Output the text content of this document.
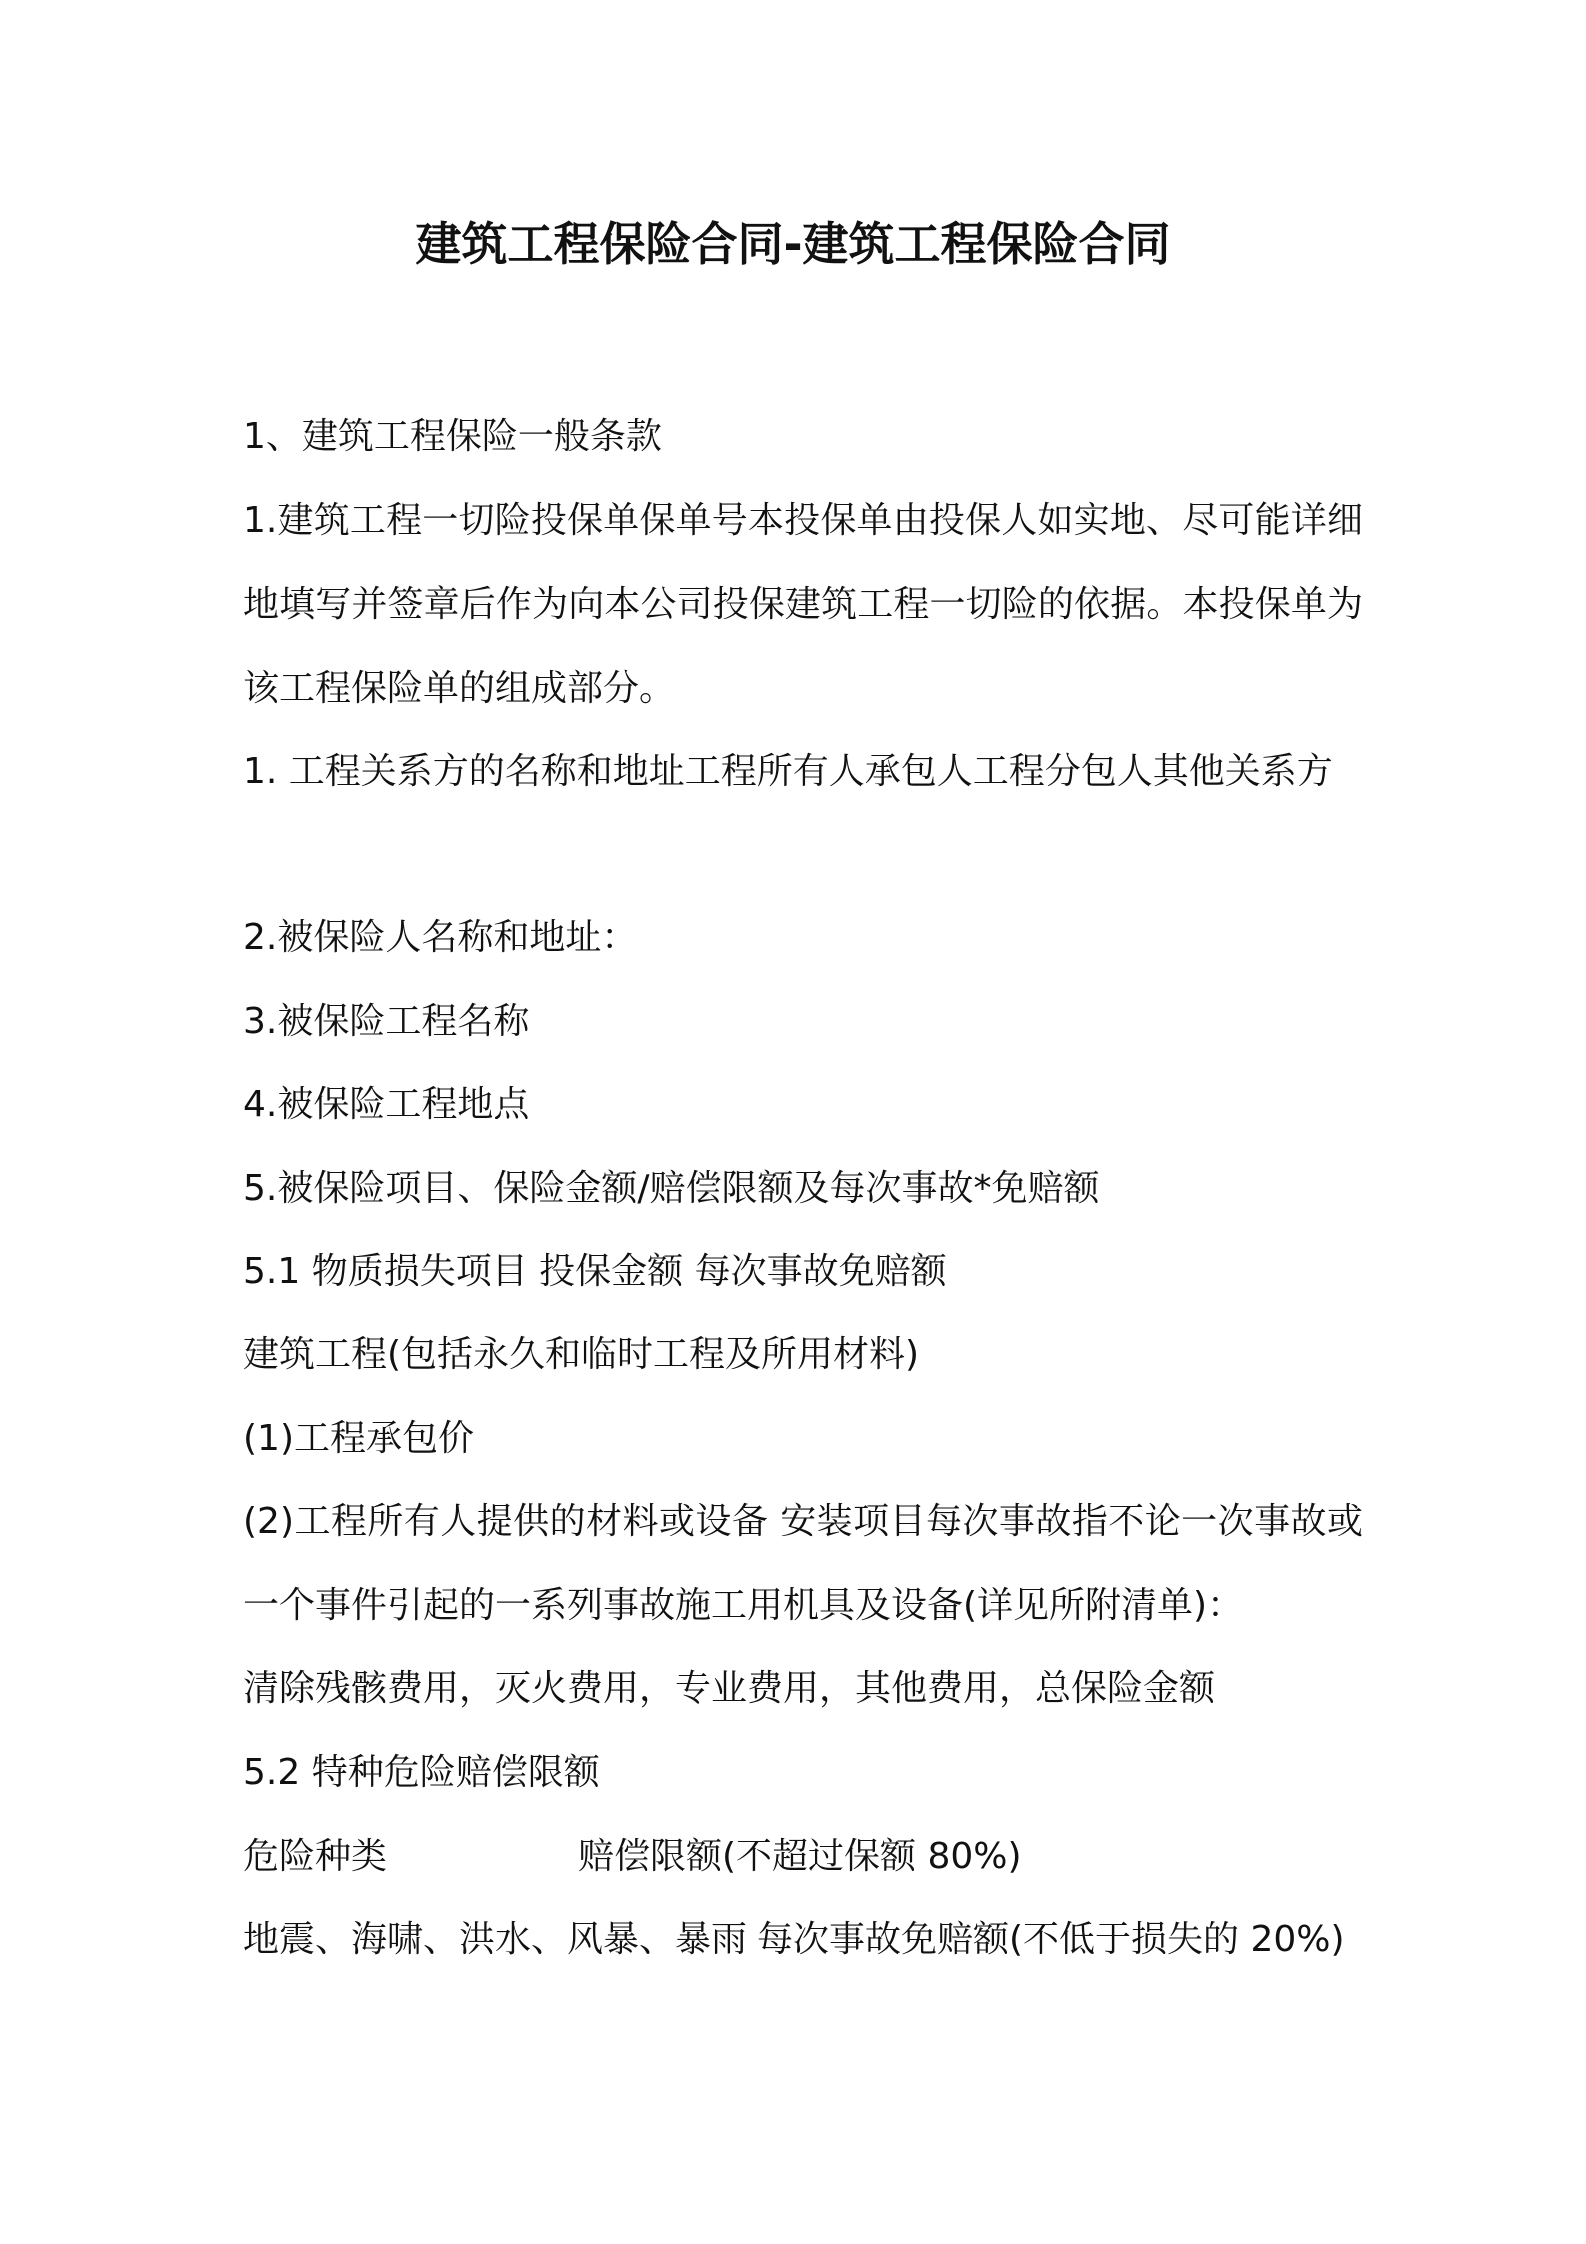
建筑工程保险合同-建筑工程保险合同
1、建筑工程保险一般条款
1.建筑工程一切险投保单保单号本投保单由投保人如实地、尽可能详细地填写并签章后作为向本公司投保建筑工程一切险的依据。本投保单为该工程保险单的组成部分。
1. 工程关系方的名称和地址工程所有人承包人工程分包人其他关系方
2.被保险人名称和地址：
3.被保险工程名称
4.被保险工程地点
5.被保险项目、保险金额/赔偿限额及每次事故*免赔额
5.1 物质损失项目 投保金额 每次事故免赔额
建筑工程(包括永久和临时工程及所用材料)
(1)工程承包价
(2)工程所有人提供的材料或设备 安装项目每次事故指不论一次事故或一个事件引起的一系列事故施工用机具及设备(详见所附清单)：
清除残骸费用，灭火费用，专业费用，其他费用，总保险金额
5.2 特种危险赔偿限额
危险种类	赔偿限额(不超过保额 80%)
地震、海啸、洪水、风暴、暴雨 每次事故免赔额(不低于损失的 20%)
